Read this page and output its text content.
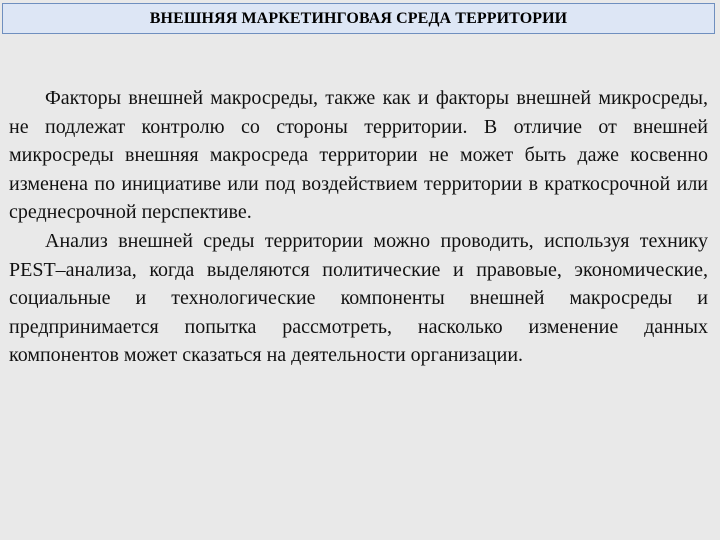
ВНЕШНЯЯ МАРКЕТИНГОВАЯ СРЕДА ТЕРРИТОРИИ

Факторы внешней макросреды, также как и факторы внешней микросреды, не подлежат контролю со стороны территории. В отличие от внешней микросреды внешняя макросреда территории не может быть даже косвенно изменена по инициативе или под воздействием территории в краткосрочной или среднесрочной перспективе.

Анализ внешней среды территории можно проводить, используя технику PEST–анализа, когда выделяются политические и правовые, экономические, социальные и технологические компоненты внешней макросреды и предпринимается попытка рассмотреть, насколько изменение данных компонентов может сказаться на деятельности организации.
